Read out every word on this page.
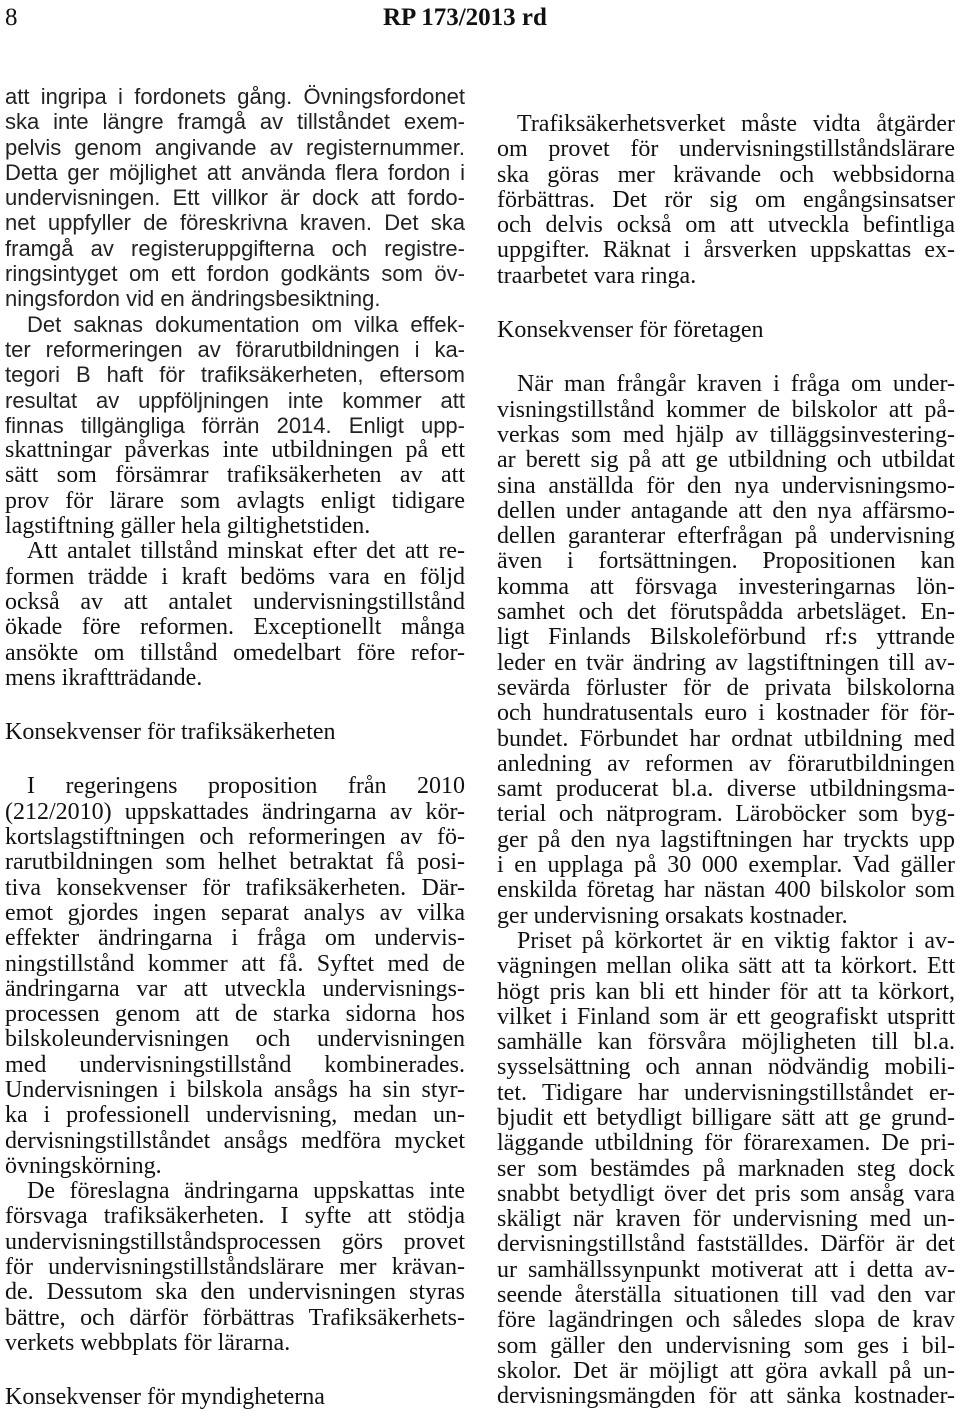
8	RP 173/2013 rd
att ingripa i fordonets gång. Övningsfordonet
ska inte längre framgå av tillståndet exem-
pelvis genom angivande av registernummer.
Detta ger möjlighet att använda flera fordon i
undervisningen. Ett villkor är dock att fordo-
net uppfyller de föreskrivna kraven. Det ska
framgå av registeruppgifterna och registre-
ringsintyget om ett fordon godkänts som öv-
ningsfordon vid en ändringsbesiktning.
Det saknas dokumentation om vilka effek-
ter reformeringen av förarutbildningen i ka-
tegori B haft för trafiksäkerheten, eftersom
resultat av uppföljningen inte kommer att
finnas tillgängliga förrän 2014. Enligt upp-
skattningar påverkas inte utbildningen på ett
sätt som försämrar trafiksäkerheten av att
prov för lärare som avlagts enligt tidigare
lagstiftning gäller hela giltighetstiden.
Att antalet tillstånd minskat efter det att re-
formen trädde i kraft bedöms vara en följd
också av att antalet undervisningstillstånd
ökade före reformen. Exceptionellt många
ansökte om tillstånd omedelbart före refor-
mens ikraftträdande.
Konsekvenser för trafiksäkerheten
I regeringens proposition från 2010
(212/2010) uppskattades ändringarna av kör-
kortslagstiftningen och reformeringen av fö-
rarutbildningen som helhet betraktat få posi-
tiva konsekvenser för trafiksäkerheten. Där-
emot gjordes ingen separat analys av vilka
effekter ändringarna i fråga om undervis-
ningstillstånd kommer att få. Syftet med de
ändringarna var att utveckla undervisnings-
processen genom att de starka sidorna hos
bilskoleundervisningen och undervisningen
med undervisningstillstånd kombinerades.
Undervisningen i bilskola ansågs ha sin styr-
ka i professionell undervisning, medan un-
dervisningstillståndet ansågs medföra mycket
övningskörning.
De föreslagna ändringarna uppskattas inte
försvaga trafiksäkerheten. I syfte att stödja
undervisningstillståndsprocessen görs provet
för undervisningstillståndslärare mer krävan-
de. Dessutom ska den undervisningen styras
bättre, och därför förbättras Trafiksäkerhets-
verkets webbplats för lärarna.
Konsekvenser för myndigheterna
Trafiksäkerhetsverket måste vidta åtgärder
om provet för undervisningstillståndslärare
ska göras mer krävande och webbsidorna
förbättras. Det rör sig om engångsinsatser
och delvis också om att utveckla befintliga
uppgifter. Räknat i årsverken uppskattas ex-
traarbetet vara ringa.
Konsekvenser för företagen
När man frångår kraven i fråga om under-
visningstillstånd kommer de bilskolor att på-
verkas som med hjälp av tilläggsinvestering-
ar berett sig på att ge utbildning och utbildat
sina anställda för den nya undervisningsmo-
dellen under antagande att den nya affärsmo-
dellen garanterar efterfrågan på undervisning
även i fortsättningen. Propositionen kan
komma att försvaga investeringarnas lön-
samhet och det förutspådda arbetsläget. En-
ligt Finlands Bilskoleförbund rf:s yttrande
leder en tvär ändring av lagstiftningen till av-
sevärda förluster för de privata bilskolorna
och hundratusentals euro i kostnader för för-
bundet. Förbundet har ordnat utbildning med
anledning av reformen av förarutbildningen
samt producerat bl.a. diverse utbildningsma-
terial och nätprogram. Läroböcker som byg-
ger på den nya lagstiftningen har tryckts upp
i en upplaga på 30 000 exemplar. Vad gäller
enskilda företag har nästan 400 bilskolor som
ger undervisning orsakats kostnader.
Priset på körkortet är en viktig faktor i av-
vägningen mellan olika sätt att ta körkort. Ett
högt pris kan bli ett hinder för att ta körkort,
vilket i Finland som är ett geografiskt utspritt
samhälle kan försvåra möjligheten till bl.a.
sysselsättning och annan nödvändig mobili-
tet. Tidigare har undervisningstillståndet er-
bjudit ett betydligt billigare sätt att ge grund-
läggande utbildning för förarexamen. De pri-
ser som bestämdes på marknaden steg dock
snabbt betydligt över det pris som ansåg vara
skäligt när kraven för undervisning med un-
dervisningstillstånd fastställdes. Därför är det
ur samhällssynpunkt motiverat att i detta av-
seende återställa situationen till vad den var
före lagändringen och således slopa de krav
som gäller den undervisning som ges i bil-
skolor. Det är möjligt att göra avkall på un-
dervisningsmängden för att sänka kostnader-
